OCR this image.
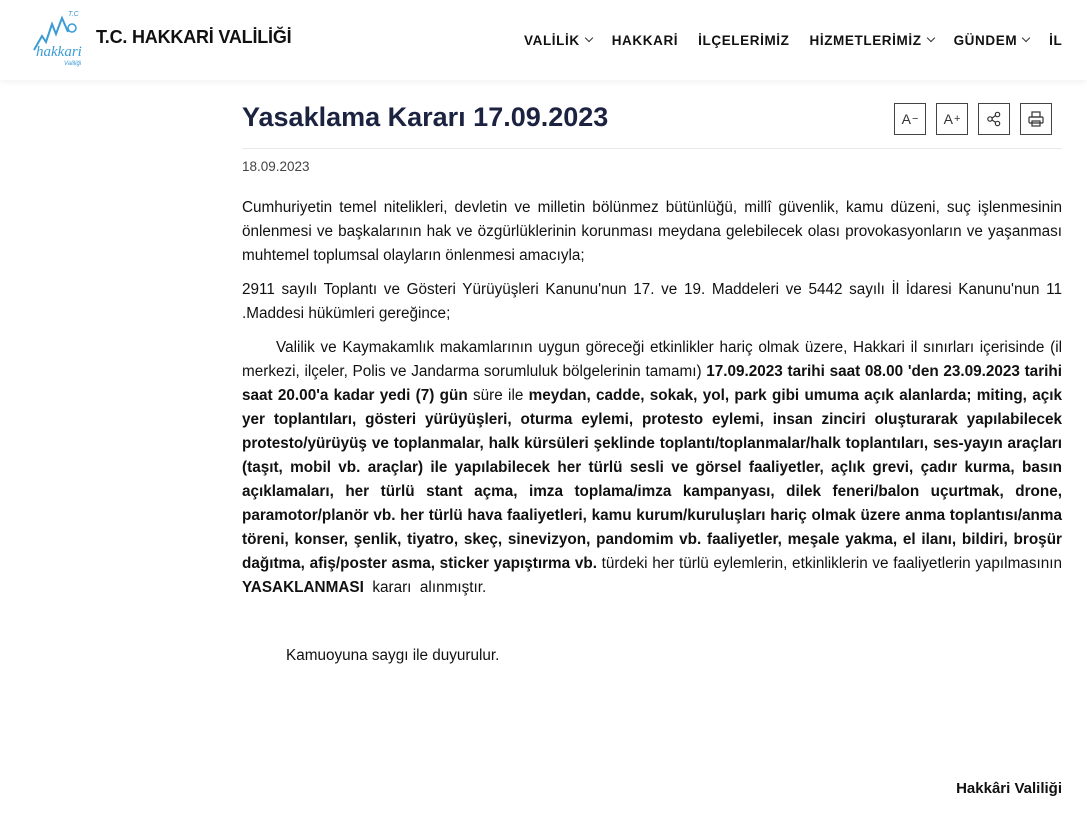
T.C
hakkari
Valiliği
T.C. HAKKARİ VALİLİĞİ	VALİLİK HAKKARİ İLÇELERİMİZ HİZMETLERİMİZ GÜNDEM İL
Yasaklama Kararı 17.09.2023	A − A +
18.09.2023

Cumhuriyetin temel nitelikleri, devletin ve milletin bölünmez bütünlüğü, millî güvenlik, kamu düzeni, suç işlenmesinin önlenmesi ve başkalarının hak ve özgürlüklerinin korunması meydana gelebilecek olası provokasyonların ve yaşanması muhtemel toplumsal olayların önlenmesi amacıyla;

2911 sayılı Toplantı ve Gösteri Yürüyüşleri Kanunu'nun 17. ve 19. Maddeleri ve 5442 sayılı İl İdaresi Kanunu'nun 11 .Maddesi hükümleri gereğince;

Valilik ve Kaymakamlık makamlarının uygun göreceği etkinlikler hariç olmak üzere, Hakkari il sınırları içerisinde (il merkezi, ilçeler, Polis ve Jandarma sorumluluk bölgelerinin tamamı) 17.09.2023 tarihi saat 08.00 'den 23.09.2023 tarihi saat 20.00'a kadar yedi (7) gün süre ile meydan, cadde, sokak, yol, park gibi umuma açık alanlarda; miting, açık yer toplantıları, gösteri yürüyüşleri, oturma eylemi, protesto eylemi, insan zinciri oluşturarak yapılabilecek protesto/yürüyüş ve toplanmalar, halk kürsüleri şeklinde toplantı/toplanmalar/halk toplantıları, ses-yayın araçları (taşıt, mobil vb. araçlar) ile yapılabilecek her türlü sesli ve görsel faaliyetler, açlık grevi, çadır kurma, basın açıklamaları, her türlü stant açma, imza toplama/imza kampanyası, dilek feneri/balon uçurtmak, drone, paramotor/planör vb. her türlü hava faaliyetleri, kamu kurum/kuruluşları hariç olmak üzere anma toplantısı/anma töreni, konser, şenlik, tiyatro, skeç, sinevizyon, pandomim vb. faaliyetler, meşale yakma, el ilanı, bildiri, broşür dağıtma, afiş/poster asma, sticker yapıştırma vb. türdeki her türlü eylemlerin, etkinliklerin ve faaliyetlerin yapılmasının YASAKLANMASI  kararı  alınmıştır.

Kamuoyuna saygı ile duyurulur.

Hakkâri Valiliği
